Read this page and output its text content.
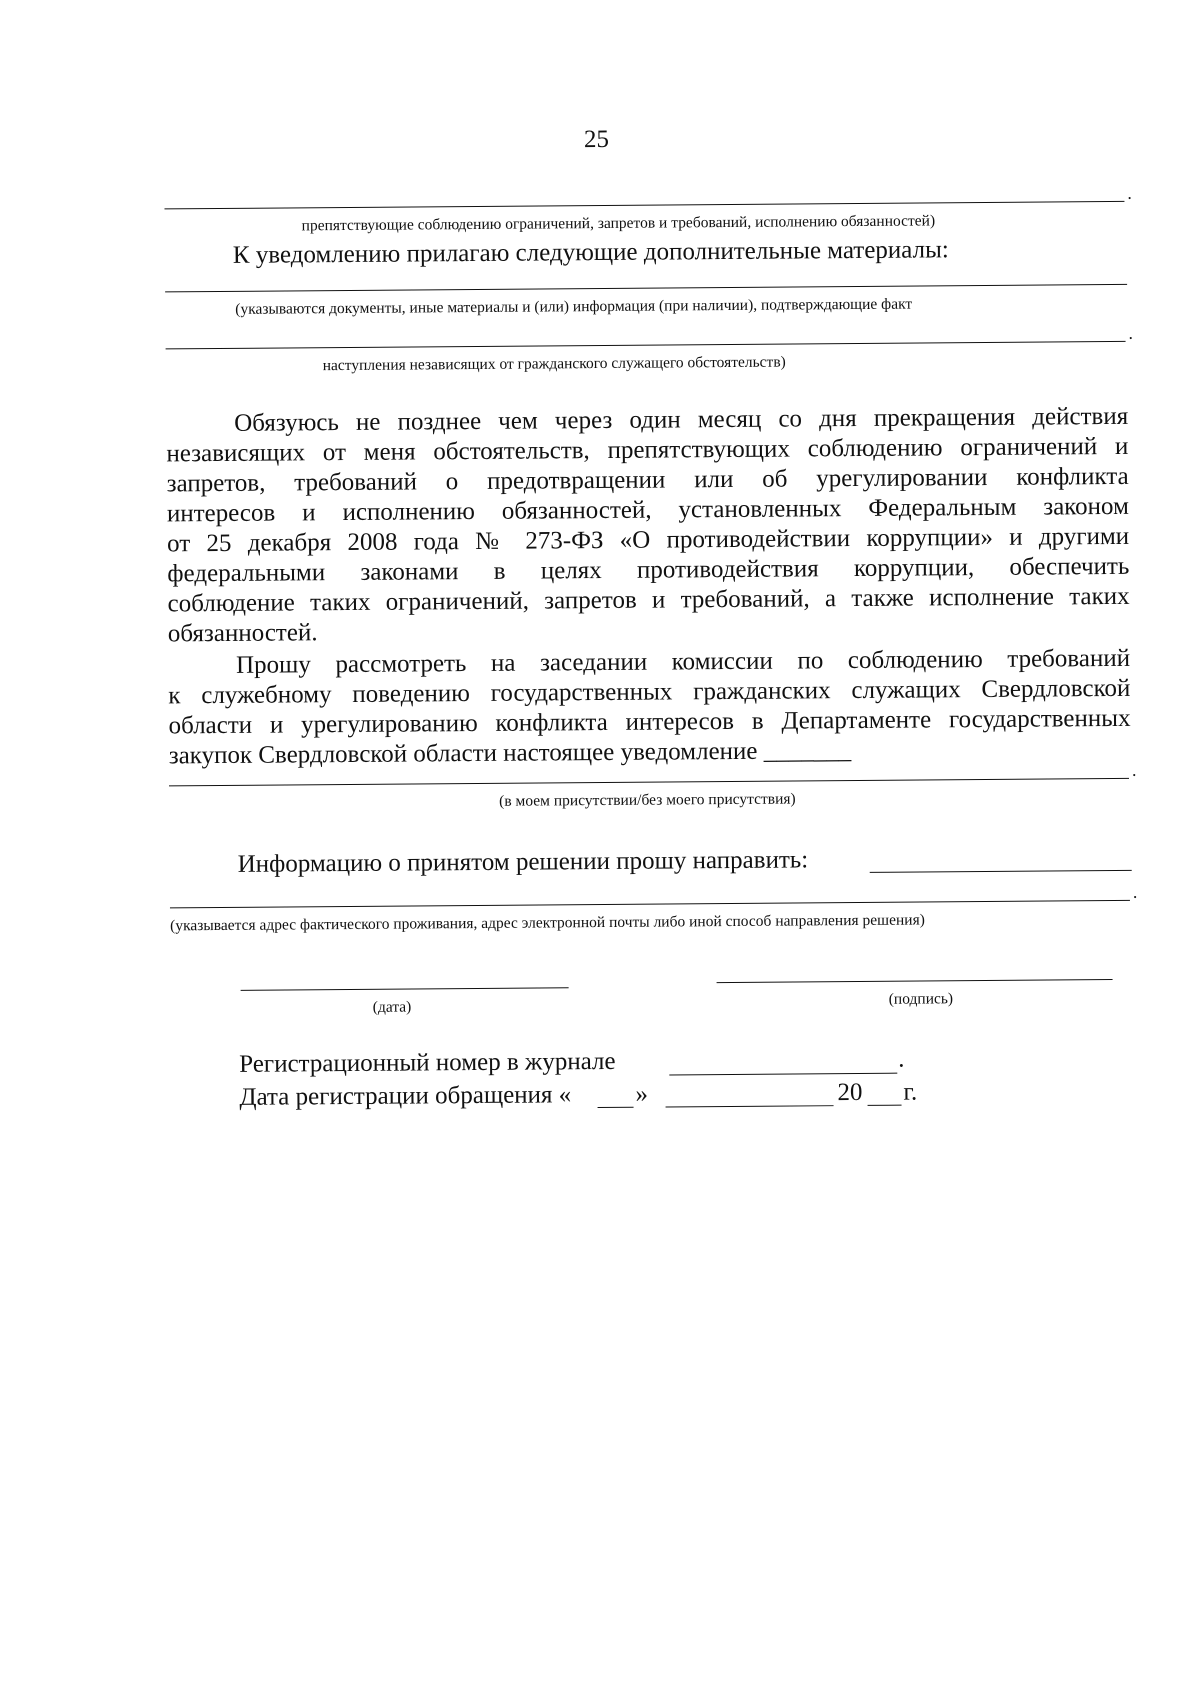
25
.
препятствующие соблюдению ограничений, запретов и требований, исполнению обязанностей)
К уведомлению прилагаю следующие дополнительные материалы:
(указываются документы, иные материалы и (или) информация (при наличии), подтверждающие факт
.
наступления независящих от гражданского служащего обстоятельств)
Обязуюсь не позднее чем через один месяц со дня прекращения действия
независящих от меня обстоятельств, препятствующих соблюдению ограничений и
запретов, требований о предотвращении или об урегулировании конфликта
интересов и исполнению обязанностей, установленных Федеральным законом
от 25 декабря 2008 года № 273-ФЗ «О противодействии коррупции» и другими
федеральными законами в целях противодействия коррупции, обеспечить
соблюдение таких ограничений, запретов и требований, а также исполнение таких
обязанностей.
Прошу рассмотреть на заседании комиссии по соблюдению требований
к служебному поведению государственных гражданских служащих Свердловской
области и урегулированию конфликта интересов в Департаменте государственных
закупок Свердловской области настоящее уведомление _______
.
(в моем присутствии/без моего присутствия)
Информацию о принятом решении прошу направить:
.
(указывается адрес фактического проживания, адрес электронной почты либо иной способ направления решения)
(дата)	(подпись)
Регистрационный номер в журнале	.
Дата регистрации обращения «	»	20 г.
